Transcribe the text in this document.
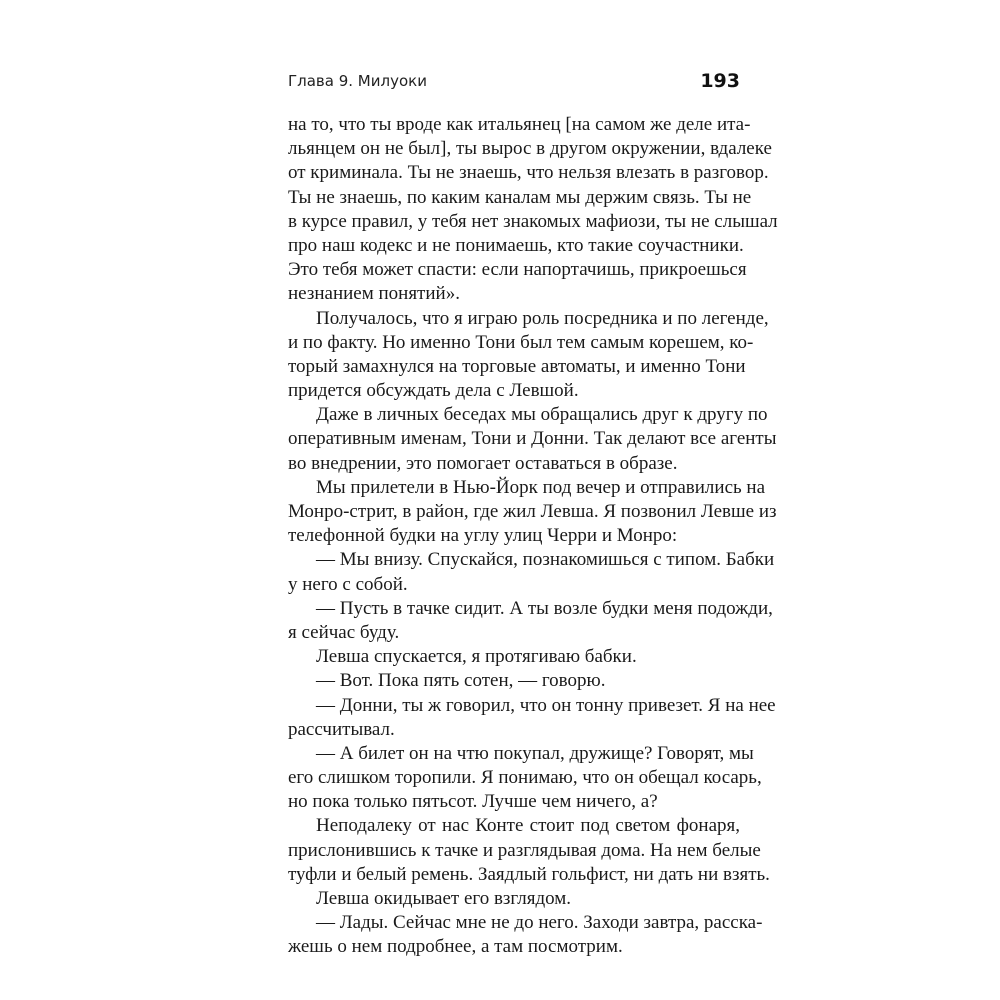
Глава 9. Милуоки	193
на то, что ты вроде как итальянец [на самом же деле ита-
льянцем он не был], ты вырос в другом окружении, вдалеке
от криминала. Ты не знаешь, что нельзя влезать в разговор.
Ты не знаешь, по каким каналам мы держим связь. Ты не
в курсе правил, у тебя нет знакомых мафиози, ты не слышал
про наш кодекс и не понимаешь, кто такие соучастники.
Это тебя может спасти: если напортачишь, прикроешься
незнанием понятий».
Получалось, что я играю роль посредника и по легенде,
и по факту. Но именно Тони был тем самым корешем, ко-
торый замахнулся на торговые автоматы, и именно Тони
придется обсуждать дела с Левшой.
Даже в личных беседах мы обращались друг к другу по
оперативным именам, Тони и Донни. Так делают все агенты
во внедрении, это помогает оставаться в образе.
Мы прилетели в Нью-Йорк под вечер и отправились на
Монро-стрит, в район, где жил Левша. Я позвонил Левше из
телефонной будки на углу улиц Черри и Монро:
— Мы внизу. Спускайся, познакомишься с типом. Бабки
у него с собой.
— Пусть в тачке сидит. А ты возле будки меня подожди,
я сейчас буду.
Левша спускается, я протягиваю бабки.
— Вот. Пока пять сотен, — говорю.
— Донни, ты ж говорил, что он тонну привезет. Я на нее
рассчитывал.
— А билет он на чтю покупал, дружище? Говорят, мы
его слишком торопили. Я понимаю, что он обещал косарь,
но пока только пятьсот. Лучше чем ничего, а?
Неподалеку от нас Конте стоит под светом фонаря,
прислонившись к тачке и разглядывая дома. На нем белые
туфли и белый ремень. Заядлый гольфист, ни дать ни взять.
Левша окидывает его взглядом.
— Лады. Сейчас мне не до него. Заходи завтра, расска-
жешь о нем подробнее, а там посмотрим.
